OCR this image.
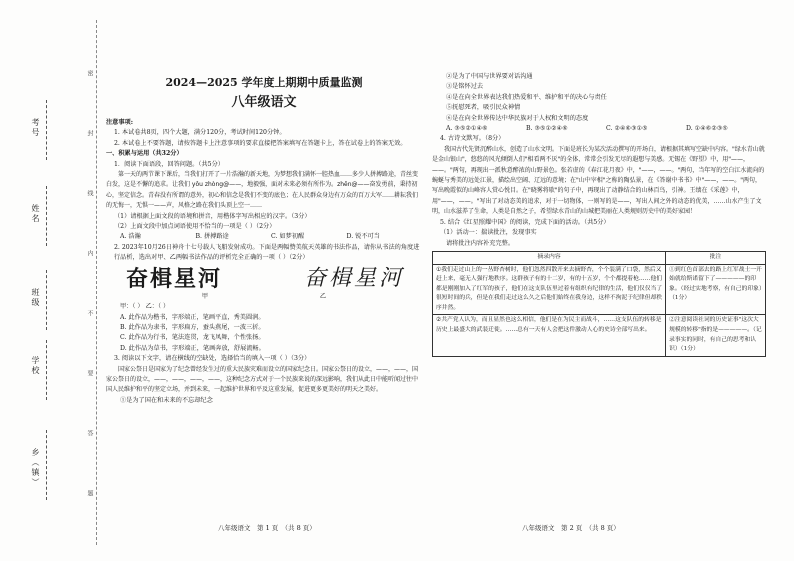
考号
姓名
班级
学校
乡（镇）
密
封
线
内
不
要
答
题
2024—2025 学年度上期期中质量监测
八年级语文
注意事项:
1. 本试卷共8页，四个大题，满分120分，考试时间120分钟。
2. 本试卷上不要答题，请按答题卡上注意事项的要求直接把答案填写在答题卡上，答在试卷上的答案无效。
一、积累与运用（共32分）
1．阅读下面语段，回答问题。（共5分）
第一天的两节课下课后，当我们打开了一片浩瀚的新天地，为梦想我们满怀一腔热血……多少人拼搏路途，青丝变白发，这是不懈的追求。让我们 yǒu zhòng@——，地毅强，面对未来必须有所作为。zhēn@——奋发勇前，秉持初心，坚定信念。青春没有所谓的意外，初心和信念是我们不变的底色；在人民群众身边有万众的百万大军……耕耘我们的无悔一，无惧一——声，风格之路在我们头顶上空一……
（1）请根据上面文段的语境和拼音，用楷体字写出相应的汉字。（3分）
（2）上面文段中加点词语使用不恰当的一项是（ ）（2分）
A. 浩瀚	B. 拼搏路途	C. 如梦初醒	D. 锐不可当
2. 2023年10月26日神舟十七号载人飞船发射成功。下面是两幅赞美航天英雄的书法作品，请你从书法的角度进行品析，选出对甲、乙两幅书法作品的评析完全正确的一项（ ）（2分）
奋楫星河	奋楫星河
甲	乙
甲：（ ） 乙：（ ）
A. 此作品为楷书，字形端正，笔画平直，秀美圆润。
B. 此作品为隶书，字形扁方，蚕头燕尾，一波三折。
C. 此作品为行书，笔法连贯，龙飞凤舞，个性张扬。
D. 此作品为草书，字形端正，笔画奔放，舒展流畅。
3. 阅读以下文字，请在横线的空缺处，选择恰当的填入一项（ ）（3分）
国家公祭日是国家为了纪念曾经发生过的重大民族灾难而设立的国家纪念日。国家公祭日的设立，——，——，国家公祭日的设立，——，——，——，——，这种纪念方式对于一个民族来说的深远影响，我们从此日中能听闻过往中国人民维护和平的坚定立场，并到未来，一起维护世界和平及这重发展，促进更多更美好的明天之美好。
①是为了国在和未来的不忘却纪念
②是为了中国与世界要对话沟通
③是铭怀过去
④是在向全世界表达我们热爱和平、维护和平的决心与责任
⑤抚慰死者，吸引民众神情
⑥是在向全世界传达中华民族对于人权和文明的态度
A. ③⑤②①④⑥	B. ③⑤①②④⑥	C. ②④⑥③①⑤	D. ①④⑥②③⑤
4. 古诗文默写。（8分）
我国古代先贤沉醉山水，创造了山水文明。下面是班长为某次活动撰写的开场白，请根据其填写空缺中内容。"绿水青山就是金山银山"，悠悠的风光倾倒人们"相看两不厌"的全体，常常会引发无尽的遐想与美感。无锡在《野望》中，用"——，——。"两句，再现出一派秋意醉浓的山野景色。张若虚的《春江花月夜》中，"——，——。"两句，当年写的空白江水流向的蜿蜒与秀美的远处江景，描绘出空阔、辽远的意境；在"山中宰相"之称的陶弘景，在《答谢中书书》中"——，——。"两句，写出晚霞似的山峰容人赏心悦目。在"晓雾将歇"的句子中，再现出了动静结合的山林百鸟，引神。王绩在《采莲》中，用"——，——。"写出了对动态美的追求，对于一切物体，一则写的是——，写出人间之外的动态的优美，……山水产生了文明，山水滋养了生命，人类是自然之子，希望绿水青山的山城把美丽在人类规则历史中的美好家园！
5. 结合《红星照耀中国》的阅读，完成下面的活动。（共5分）
（1）活动一：揣读批注，发现事实
请将批注内容补充完整。
摘录内容	批注
①我们走过山上的一丛野杏树时，他们忽然四散开来去摘野杏，个个装满了口袋，然后又赶上来，毫无人强行地秩序。这群孩子有的十二岁，有的十五岁，个个都提着枪……他们都是刚刚加入了红军的孩子，他们在这支队伍里过着有组织有纪律的生活，他们仅仅当了很短时间的兵，但是在我们走过这么久之后他们始终在我身边，这样不拘泥于纪律但却秩序井然。	①到红色首部去的路上红军战士一开始就给斯诺留下了—————的印象。（经过实地考察，有自己的印象）（1分）
②共产党人认为，而且显然也这么相信，他们是在为民主而战斗，……这支队伍的转移是历史上最盛大的武装迁徙。……总有一天有人会把这件激动人心的史诗全部写出来。	②注意阅读社词的历史证事"这次大规模的转移"指的是—————。（记录事实的同时，有自己的思考和认识）（1分）
八年级语文　第 1 页　（共 8 页）	八年级语文　第 2 页　（共 8 页）
